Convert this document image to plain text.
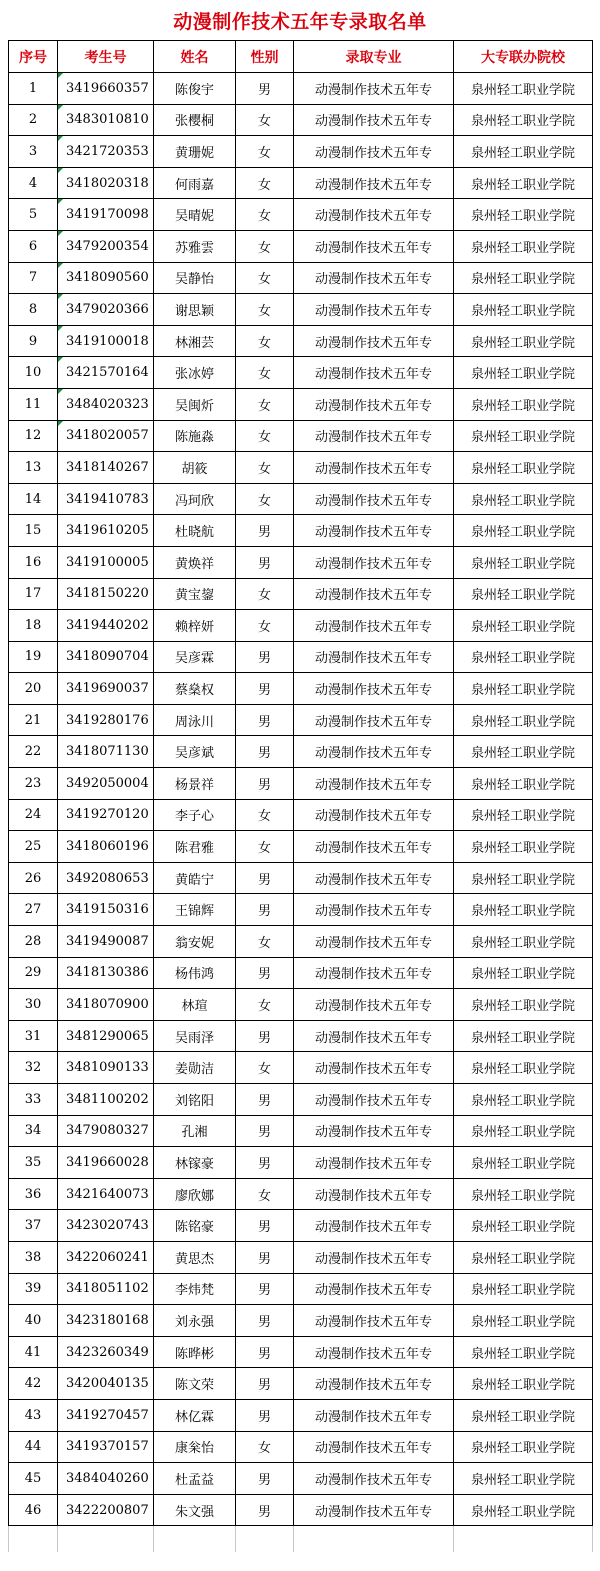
动漫制作技术五年专录取名单
序号	考生号	姓名	性别	录取专业	大专联办院校
1	3419660357	陈俊宇	男	动漫制作技术五年专	泉州轻工职业学院
2	3483010810	张樱桐	女	动漫制作技术五年专	泉州轻工职业学院
3	3421720353	黄珊妮	女	动漫制作技术五年专	泉州轻工职业学院
4	3418020318	何雨嘉	女	动漫制作技术五年专	泉州轻工职业学院
5	3419170098	吴晴妮	女	动漫制作技术五年专	泉州轻工职业学院
6	3479200354	苏雅雲	女	动漫制作技术五年专	泉州轻工职业学院
7	3418090560	吴静怡	女	动漫制作技术五年专	泉州轻工职业学院
8	3479020366	谢思颖	女	动漫制作技术五年专	泉州轻工职业学院
9	3419100018	林湘芸	女	动漫制作技术五年专	泉州轻工职业学院
10	3421570164	张冰婷	女	动漫制作技术五年专	泉州轻工职业学院
11	3484020323	吴闽炘	女	动漫制作技术五年专	泉州轻工职业学院
12	3418020057	陈施淼	女	动漫制作技术五年专	泉州轻工职业学院
13	3418140267	胡筱	女	动漫制作技术五年专	泉州轻工职业学院
14	3419410783	冯珂欣	女	动漫制作技术五年专	泉州轻工职业学院
15	3419610205	杜晓航	男	动漫制作技术五年专	泉州轻工职业学院
16	3419100005	黄焕祥	男	动漫制作技术五年专	泉州轻工职业学院
17	3418150220	黄宝鋆	女	动漫制作技术五年专	泉州轻工职业学院
18	3419440202	赖梓妍	女	动漫制作技术五年专	泉州轻工职业学院
19	3418090704	吴彦霖	男	动漫制作技术五年专	泉州轻工职业学院
20	3419690037	蔡燊权	男	动漫制作技术五年专	泉州轻工职业学院
21	3419280176	周泳川	男	动漫制作技术五年专	泉州轻工职业学院
22	3418071130	吴彦斌	男	动漫制作技术五年专	泉州轻工职业学院
23	3492050004	杨景祥	男	动漫制作技术五年专	泉州轻工职业学院
24	3419270120	李子心	女	动漫制作技术五年专	泉州轻工职业学院
25	3418060196	陈君雅	女	动漫制作技术五年专	泉州轻工职业学院
26	3492080653	黄皓宁	男	动漫制作技术五年专	泉州轻工职业学院
27	3419150316	王锦辉	男	动漫制作技术五年专	泉州轻工职业学院
28	3419490087	翁安妮	女	动漫制作技术五年专	泉州轻工职业学院
29	3418130386	杨伟鸿	男	动漫制作技术五年专	泉州轻工职业学院
30	3418070900	林瑄	女	动漫制作技术五年专	泉州轻工职业学院
31	3481290065	吴雨泽	男	动漫制作技术五年专	泉州轻工职业学院
32	3481090133	姜勋洁	女	动漫制作技术五年专	泉州轻工职业学院
33	3481100202	刘铭阳	男	动漫制作技术五年专	泉州轻工职业学院
34	3479080327	孔湘	男	动漫制作技术五年专	泉州轻工职业学院
35	3419660028	林镓豪	男	动漫制作技术五年专	泉州轻工职业学院
36	3421640073	廖欣娜	女	动漫制作技术五年专	泉州轻工职业学院
37	3423020743	陈铭豪	男	动漫制作技术五年专	泉州轻工职业学院
38	3422060241	黄思杰	男	动漫制作技术五年专	泉州轻工职业学院
39	3418051102	李炜梵	男	动漫制作技术五年专	泉州轻工职业学院
40	3423180168	刘永强	男	动漫制作技术五年专	泉州轻工职业学院
41	3423260349	陈晔彬	男	动漫制作技术五年专	泉州轻工职业学院
42	3420040135	陈文荣	男	动漫制作技术五年专	泉州轻工职业学院
43	3419270457	林亿霖	男	动漫制作技术五年专	泉州轻工职业学院
44	3419370157	康枀怡	女	动漫制作技术五年专	泉州轻工职业学院
45	3484040260	杜孟益	男	动漫制作技术五年专	泉州轻工职业学院
46	3422200807	朱文强	男	动漫制作技术五年专	泉州轻工职业学院
